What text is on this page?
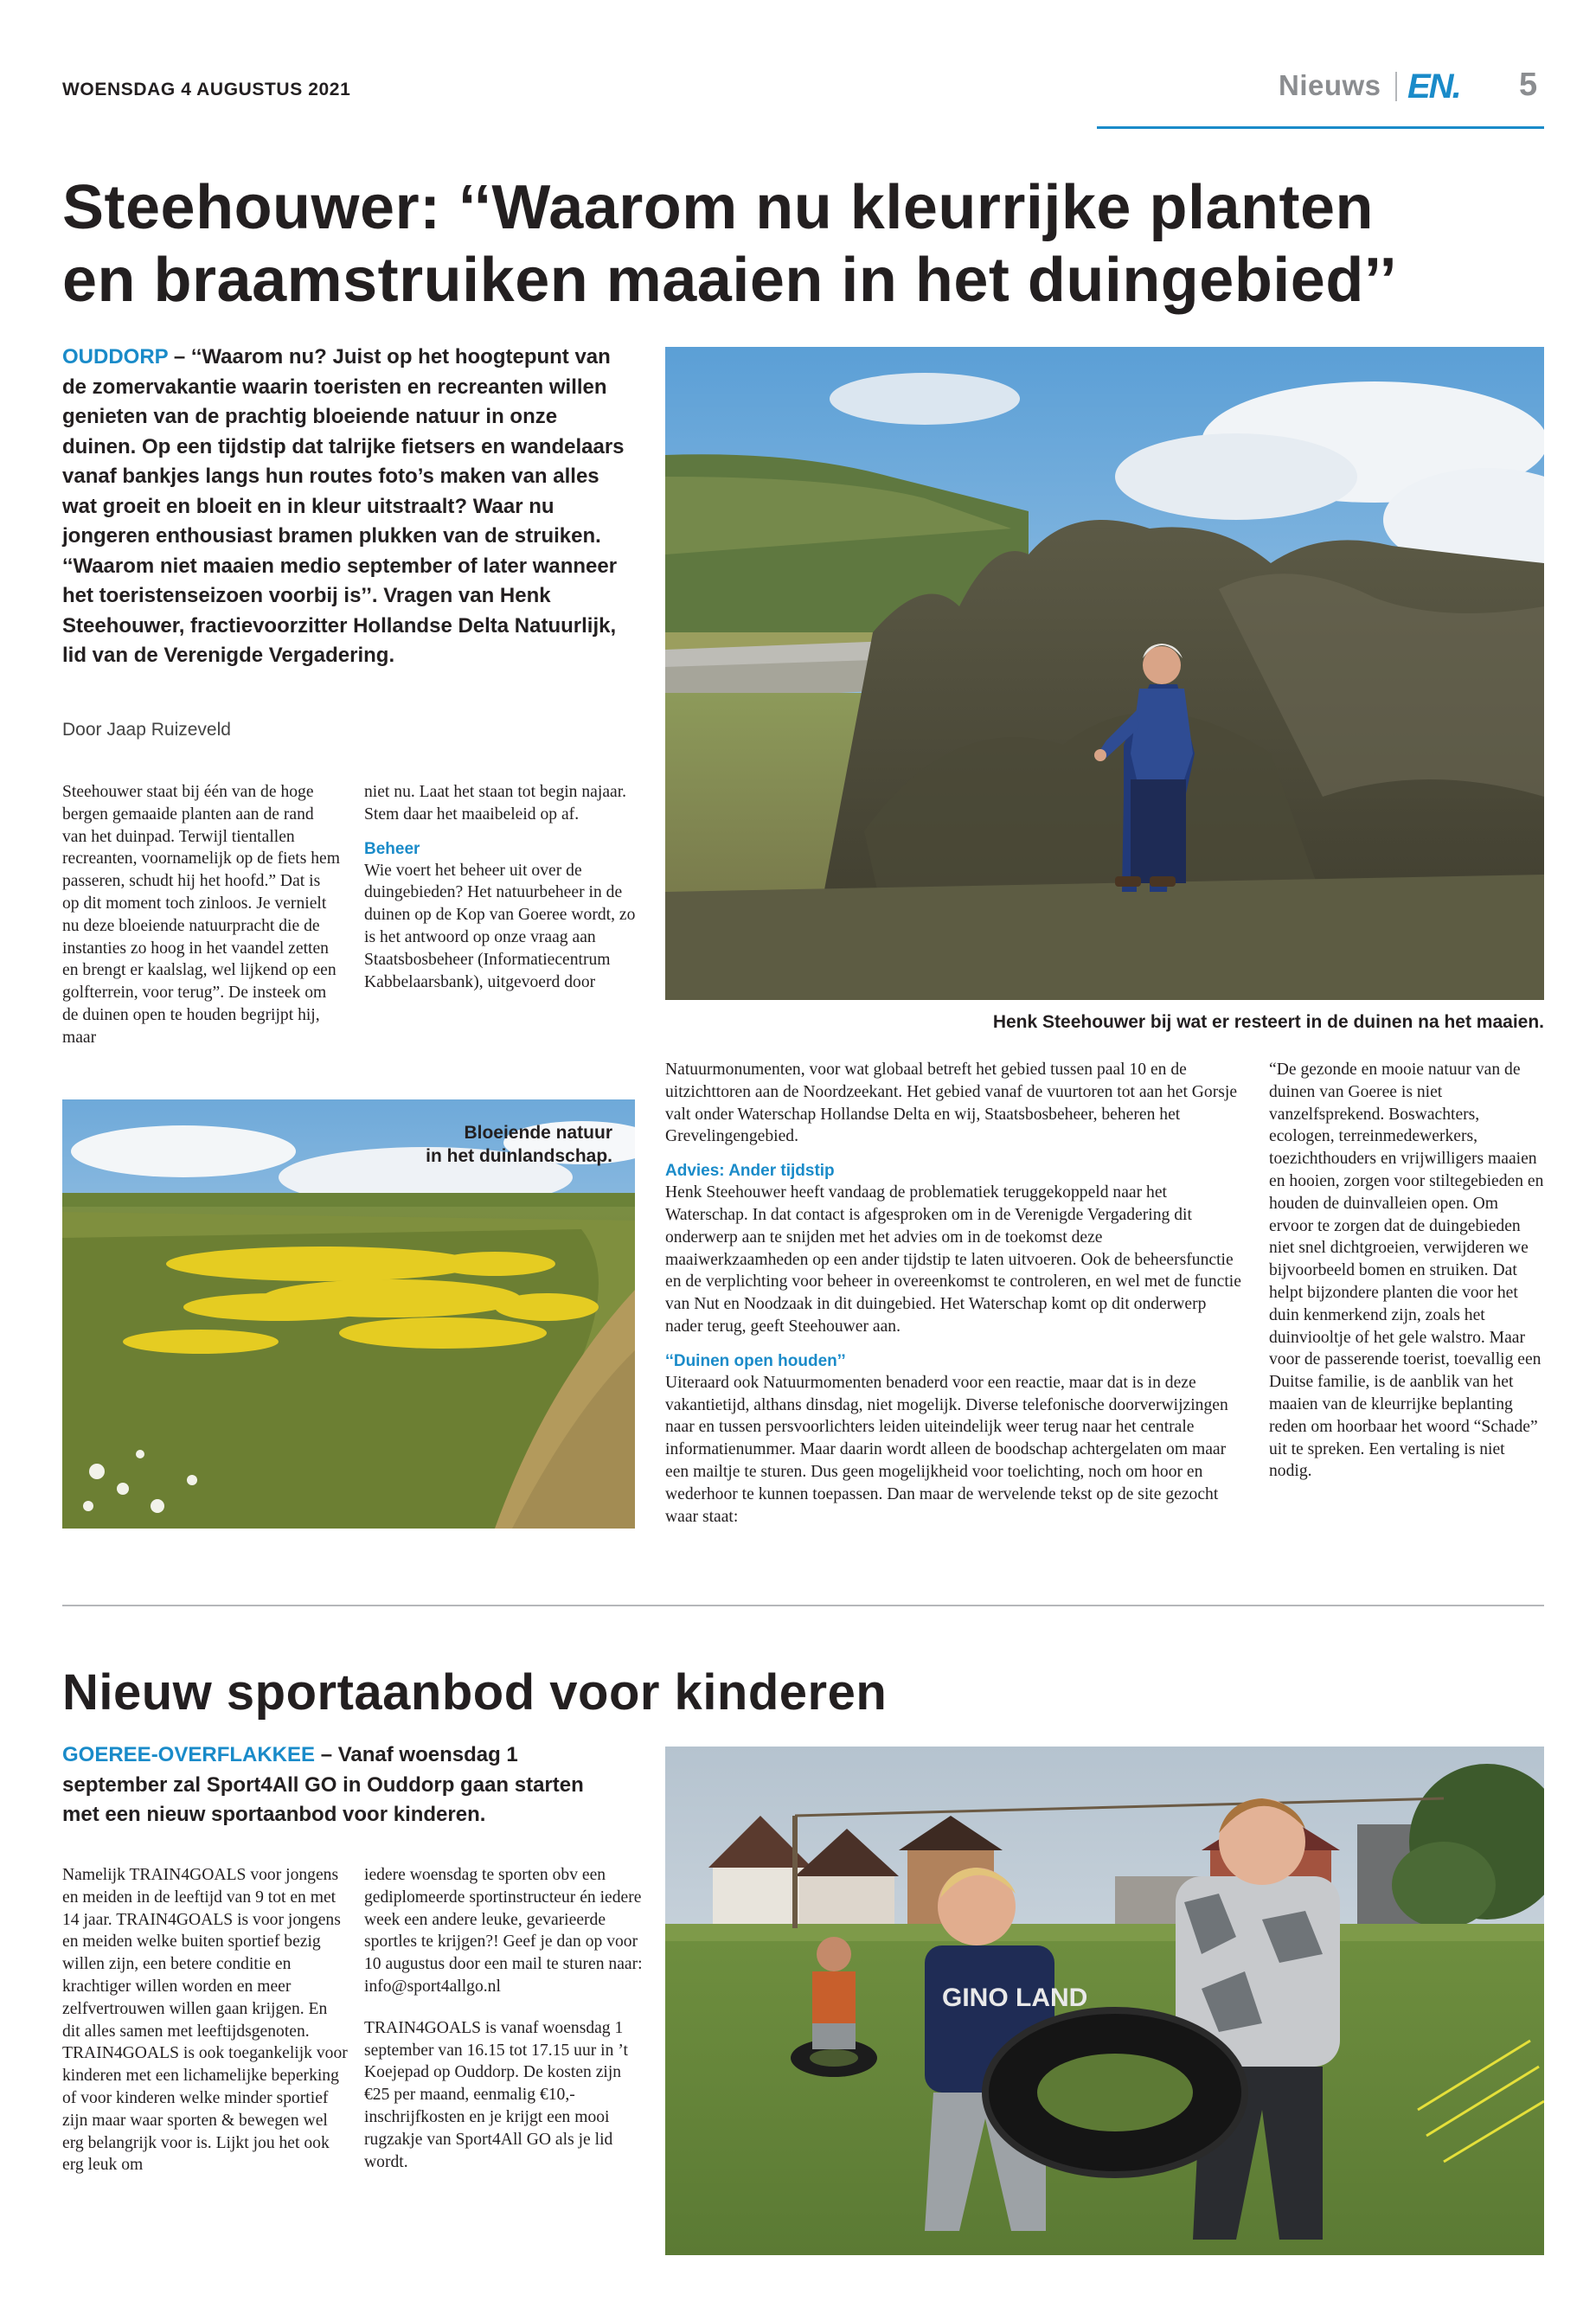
WOENSDAG 4 AUGUSTUS 2021	Nieuws EN. 5
Steehouwer: ‘‘Waarom nu kleurrijke planten
en braamstruiken maaien in het duingebied’’
OUDDORP – ‘‘Waarom nu? Juist op het hoogtepunt van de zomervakantie waarin toeristen en recreanten willen genieten van de prachtig bloeiende natuur in onze duinen. Op een tijdstip dat talrijke fietsers en wandelaars vanaf bankjes langs hun routes foto’s maken van alles wat groeit en bloeit en in kleur uitstraalt? Waar nu jongeren enthousiast bramen plukken van de struiken. ‘‘Waarom niet maaien medio september of later wanneer het toeristenseizoen voorbij is’’. Vragen van Henk Steehouwer, fractievoorzitter Hollandse Delta Natuurlijk, lid van de Verenigde Vergadering.
Door Jaap Ruizeveld

Steehouwer staat bij één van de hoge bergen gemaaide planten aan de rand van het duinpad. Terwijl tientallen recreanten, voornamelijk op de fiets hem passeren, schudt hij het hoofd.” Dat is op dit moment toch zinloos. Je vernielt nu deze bloeiende natuurpracht die de instanties zo hoog in het vaandel zetten en brengt er kaalslag, wel lijkend op een golfterrein, voor terug”. De insteek om de duinen open te houden begrijpt hij, maar

niet nu. Laat het staan tot begin najaar. Stem daar het maaibeleid op af.

Beheer

Wie voert het beheer uit over de duingebieden? Het natuurbeheer in de duinen op de Kop van Goeree wordt, zo is het antwoord op onze vraag aan Staatsbosbeheer (Informatiecentrum Kabbelaarsbank), uitgevoerd door

Henk Steehouwer bij wat er resteert in de duinen na het maaien.
Bloeiende natuur
in het duinlandschap.

Natuurmonumenten, voor wat globaal betreft het gebied tussen paal 10 en de uitzichttoren aan de Noordzeekant. Het gebied vanaf de vuurtoren tot aan het Gorsje valt onder Waterschap Hollandse Delta en wij, Staatsbosbeheer, beheren het Grevelingengebied.

Advies: Ander tijdstip

Henk Steehouwer heeft vandaag de problematiek teruggekoppeld naar het Waterschap. In dat contact is afgesproken om in de Verenigde Vergadering dit onderwerp aan te snijden met het advies om in de toekomst deze maaiwerkzaamheden op een ander tijdstip te laten uitvoeren. Ook de beheersfunctie en de verplichting voor beheer in overeenkomst te controleren, en wel met de functie van Nut en Noodzaak in dit duingebied. Het Waterschap komt op dit onderwerp nader terug, geeft Steehouwer aan.

‘‘Duinen open houden’’

Uiteraard ook Natuurmomenten benaderd voor een reactie, maar dat is in deze vakantietijd, althans dinsdag, niet mogelijk. Diverse telefonische doorverwijzingen naar en tussen persvoorlichters leiden uiteindelijk weer terug naar het centrale informatienummer. Maar daarin wordt alleen de boodschap achtergelaten om maar een mailtje te sturen. Dus geen mogelijkheid voor toelichting, noch om hoor en wederhoor te kunnen toepassen. Dan maar de wervelende tekst op de site gezocht waar staat:

“De gezonde en mooie natuur van de duinen van Goeree is niet vanzelfsprekend. Boswachters, ecologen, terreinmedewerkers, toezichthouders en vrijwilligers maaien en hooien, zorgen voor stiltegebieden en houden de duinvalleien open. Om ervoor te zorgen dat de duingebieden niet snel dichtgroeien, verwijderen we bijvoorbeeld bomen en struiken. Dat helpt bijzondere planten die voor het duin kenmerkend zijn, zoals het duinviooltje of het gele walstro. Maar voor de passerende toerist, toevallig een Duitse familie, is de aanblik van het maaien van de kleurrijke beplanting reden om hoorbaar het woord “Schade” uit te spreken. Een vertaling is niet nodig.

Nieuw sportaanbod voor kinderen
GOEREE-OVERFLAKKEE – Vanaf woensdag 1 september zal Sport4All GO in Ouddorp gaan starten met een nieuw sportaanbod voor kinderen.

Namelijk TRAIN4GOALS voor jongens en meiden in de leeftijd van 9 tot en met 14 jaar. TRAIN4GOALS is voor jongens en meiden welke buiten sportief bezig willen zijn, een betere conditie en krachtiger willen worden en meer zelfvertrouwen willen gaan krijgen. En dit alles samen met leeftijdsgenoten. TRAIN4GOALS is ook toegankelijk voor kinderen met een lichamelijke beperking of voor kinderen welke minder sportief zijn maar waar sporten & bewegen wel erg belangrijk voor is. Lijkt jou het ook erg leuk om

iedere woensdag te sporten obv een gediplomeerde sportinstructeur én iedere week een andere leuke, gevarieerde sportles te krijgen?! Geef je dan op voor 10 augustus door een mail te sturen naar: info@sport4allgo.nl

TRAIN4GOALS is vanaf woensdag 1 september van 16.15 tot 17.15 uur in ’t Koejepad op Ouddorp. De kosten zijn €25 per maand, eenmalig €10,- inschrijfkosten en je krijgt een mooi rugzakje van Sport4All GO als je lid wordt.

GINO LAND
